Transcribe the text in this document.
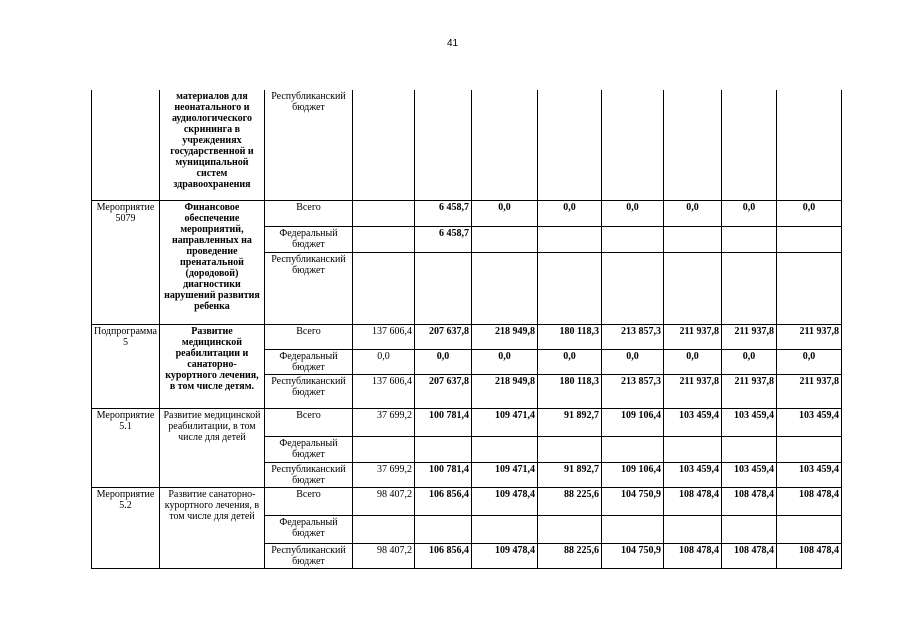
41
	материалов для неонатального и аудиологического скрининга в учреждениях государственной и муниципальной систем здравоохранения	Республиканский бюджет								
Мероприятие 5079	Финансовое обеспечение мероприятий, направленных на проведение пренатальной (дородовой) диагностики нарушений развития ребенка	Всего		6 458,7	0,0	0,0	0,0	0,0	0,0	0,0
		Федеральный бюджет		6 458,7						
		Республиканский бюджет								
Подпрограмма 5	Развитие медицинской реабилитации и санаторно-курортного лечения, в том числе детям.	Всего	137 606,4	207 637,8	218 949,8	180 118,3	213 857,3	211 937,8	211 937,8	211 937,8
		Федеральный бюджет	0,0	0,0	0,0	0,0	0,0	0,0	0,0	0,0
		Республиканский бюджет	137 606,4	207 637,8	218 949,8	180 118,3	213 857,3	211 937,8	211 937,8	211 937,8
Мероприятие 5.1	Развитие медицинской реабилитации, в том числе для детей	Всего	37 699,2	100 781,4	109 471,4	91 892,7	109 106,4	103 459,4	103 459,4	103 459,4
		Федеральный бюджет								
		Республиканский бюджет	37 699,2	100 781,4	109 471,4	91 892,7	109 106,4	103 459,4	103 459,4	103 459,4
Мероприятие 5.2	Развитие санаторно-курортного лечения, в том числе для детей	Всего	98 407,2	106 856,4	109 478,4	88 225,6	104 750,9	108 478,4	108 478,4	108 478,4
		Федеральный бюджет								
		Республиканский бюджет	98 407,2	106 856,4	109 478,4	88 225,6	104 750,9	108 478,4	108 478,4	108 478,4
